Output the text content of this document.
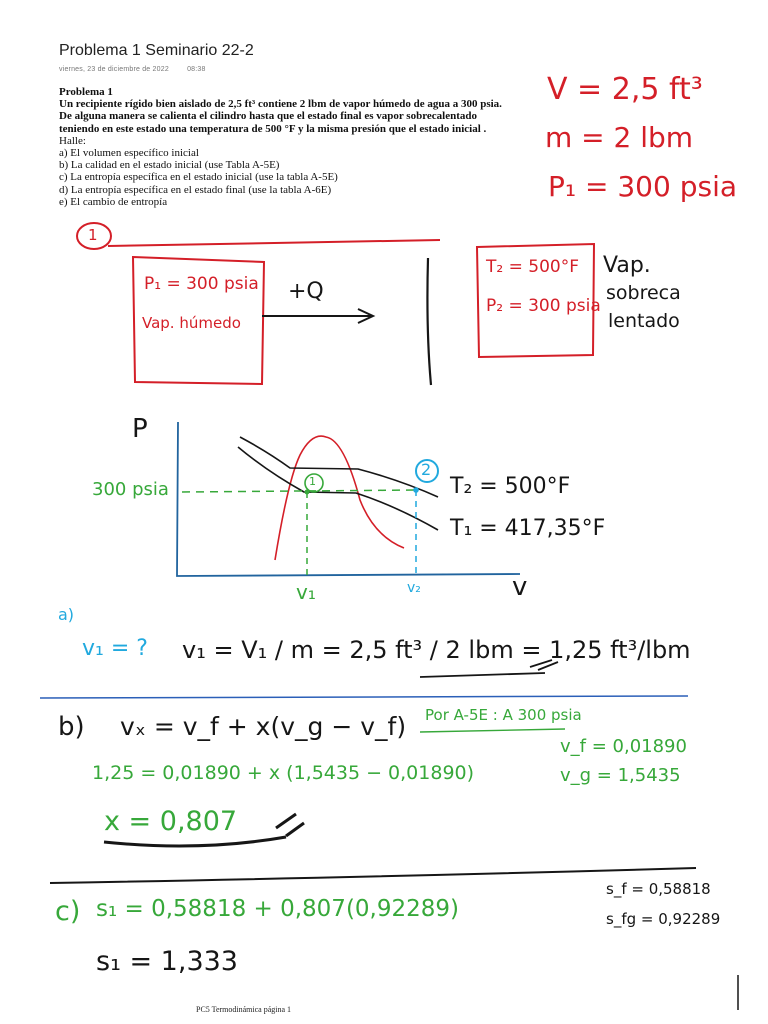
Problema 1 Seminario 22-2
viernes, 23 de diciembre de 2022	08:38
Problema 1
Un recipiente rígido bien aislado de 2,5 ft³ contiene 2 lbm de vapor húmedo de agua a 300 psia.
De alguna manera se calienta el cilindro hasta que el estado final es vapor sobrecalentado
teniendo en este estado una temperatura de 500 °F y la misma presión que el estado inicial .
Halle:
a) El volumen específico inicial
b) La calidad en el estado inicial (use Tabla A-5E)
c) La entropía específica en el estado inicial (use la tabla A-5E)
d) La entropía específica en el estado final (use la tabla A-6E)
e) El cambio de entropía
V = 2,5 ft³
m = 2 lbm
P₁ = 300 psia
1
P₁ = 300 psia
Vap. húmedo
+Q
T₂ = 500°F
P₂ = 300 psia
Vap.
sobreca
lentado
P
v
300 psia	1
2
v₁	v₂
T₂ = 500°F
T₁ = 417,35°F
a)
v₁ = ? v₁ = V₁ / m = 2,5 ft³ / 2 lbm = 1,25 ft³/lbm
b) vₓ = v_f + x(v_g − v_f) Por A-5E : A 300 psia
v_f = 0,01890
v_g = 1,5435
1,25 = 0,01890 + x (1,5435 − 0,01890)
x = 0,807
c) s₁ = 0,58818 + 0,807(0,92289)
s_f = 0,58818
s_fg = 0,92289
s₁ = 1,333
PC5 Termodinámica página 1
